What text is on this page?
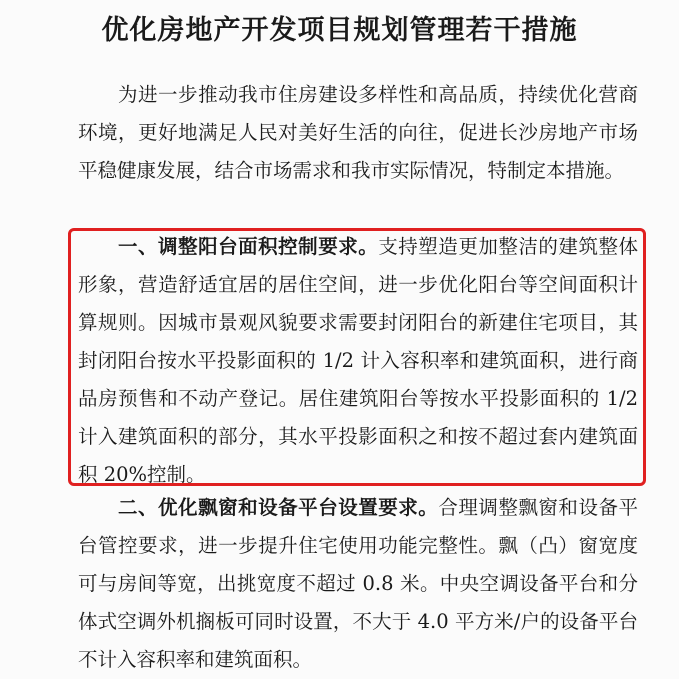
优化房地产开发项目规划管理若干措施

为进一步推动我市住房建设多样性和高品质，持续优化营商环境，更好地满足人民对美好生活的向往，促进长沙房地产市场平稳健康发展，结合市场需求和我市实际情况，特制定本措施。

一、调整阳台面积控制要求。支持塑造更加整洁的建筑整体形象，营造舒适宜居的居住空间，进一步优化阳台等空间面积计算规则。因城市景观风貌要求需要封闭阳台的新建住宅项目，其封闭阳台按水平投影面积的 1/2 计入容积率和建筑面积，进行商品房预售和不动产登记。居住建筑阳台等按水平投影面积的 1/2 计入建筑面积的部分，其水平投影面积之和按不超过套内建筑面积 20%控制。

二、优化飘窗和设备平台设置要求。合理调整飘窗和设备平台管控要求，进一步提升住宅使用功能完整性。飘（凸）窗宽度可与房间等宽，出挑宽度不超过 0.8 米。中央空调设备平台和分体式空调外机搁板可同时设置，不大于 4.0 平方米/户的设备平台不计入容积率和建筑面积。
